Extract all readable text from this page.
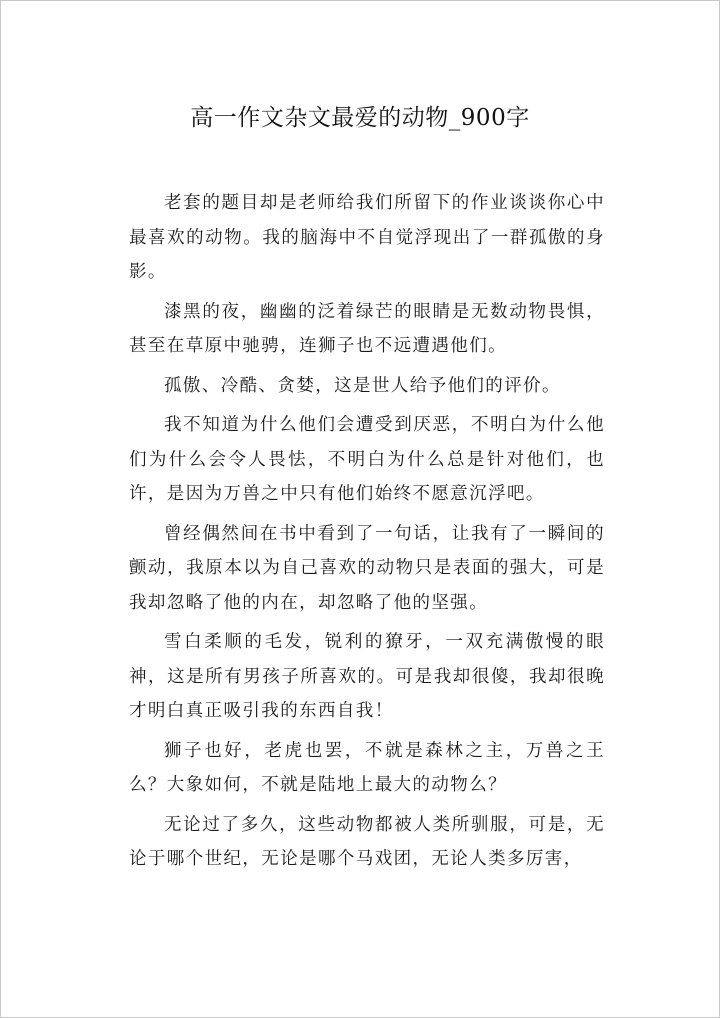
高一作文杂文最爱的动物_900字

老套的题目却是老师给我们所留下的作业谈谈你心中最喜欢的动物。我的脑海中不自觉浮现出了一群孤傲的身影。

漆黑的夜，幽幽的泛着绿芒的眼睛是无数动物畏惧，甚至在草原中驰骋，连狮子也不远遭遇他们。

孤傲、冷酷、贪婪，这是世人给予他们的评价。

我不知道为什么他们会遭受到厌恶，不明白为什么他们为什么会令人畏怯，不明白为什么总是针对他们，也许，是因为万兽之中只有他们始终不愿意沉浮吧。

曾经偶然间在书中看到了一句话，让我有了一瞬间的颤动，我原本以为自己喜欢的动物只是表面的强大，可是我却忽略了他的内在，却忽略了他的坚强。

雪白柔顺的毛发，锐利的獠牙，一双充满傲慢的眼神，这是所有男孩子所喜欢的。可是我却很傻，我却很晚才明白真正吸引我的东西自我！

狮子也好，老虎也罢，不就是森林之主，万兽之王么？大象如何，不就是陆地上最大的动物么？

无论过了多久，这些动物都被人类所驯服，可是，无论于哪个世纪，无论是哪个马戏团，无论人类多厉害，
